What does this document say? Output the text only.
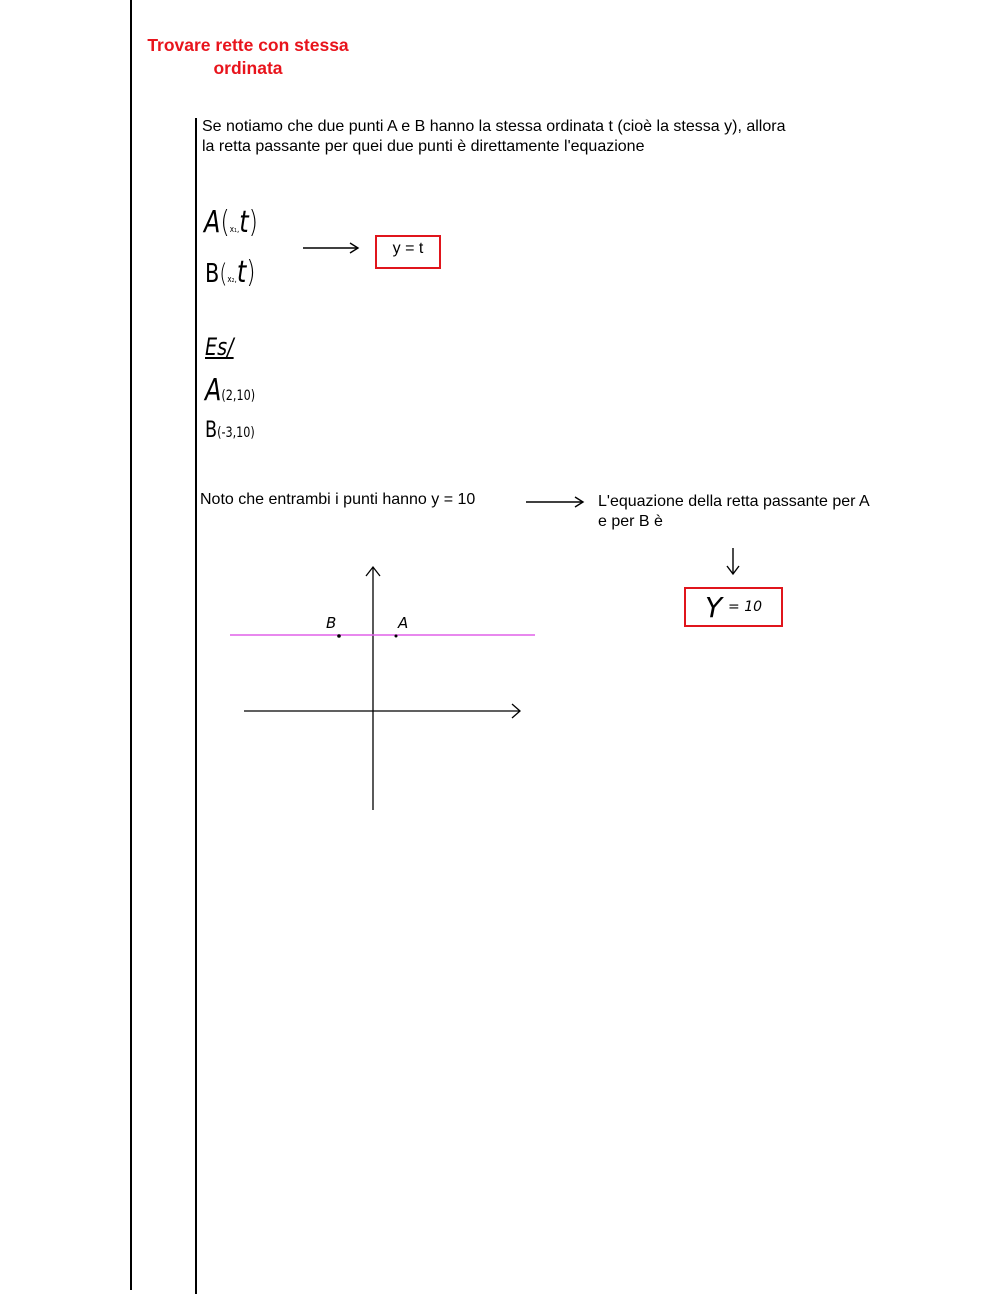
Trovare rette con stessa ordinata
Se notiamo che due punti A e B hanno la stessa ordinata t (cioè la stessa y), allora la retta passante per quei due punti è direttamente l'equazione
A(x₁,t)
B(x₂,t)
y = t
Es/
A(2,10)
B(-3,10)
Noto che entrambi i punti hanno y = 10	L'equazione della retta passante per A e per B è
Y = 10
B	A
